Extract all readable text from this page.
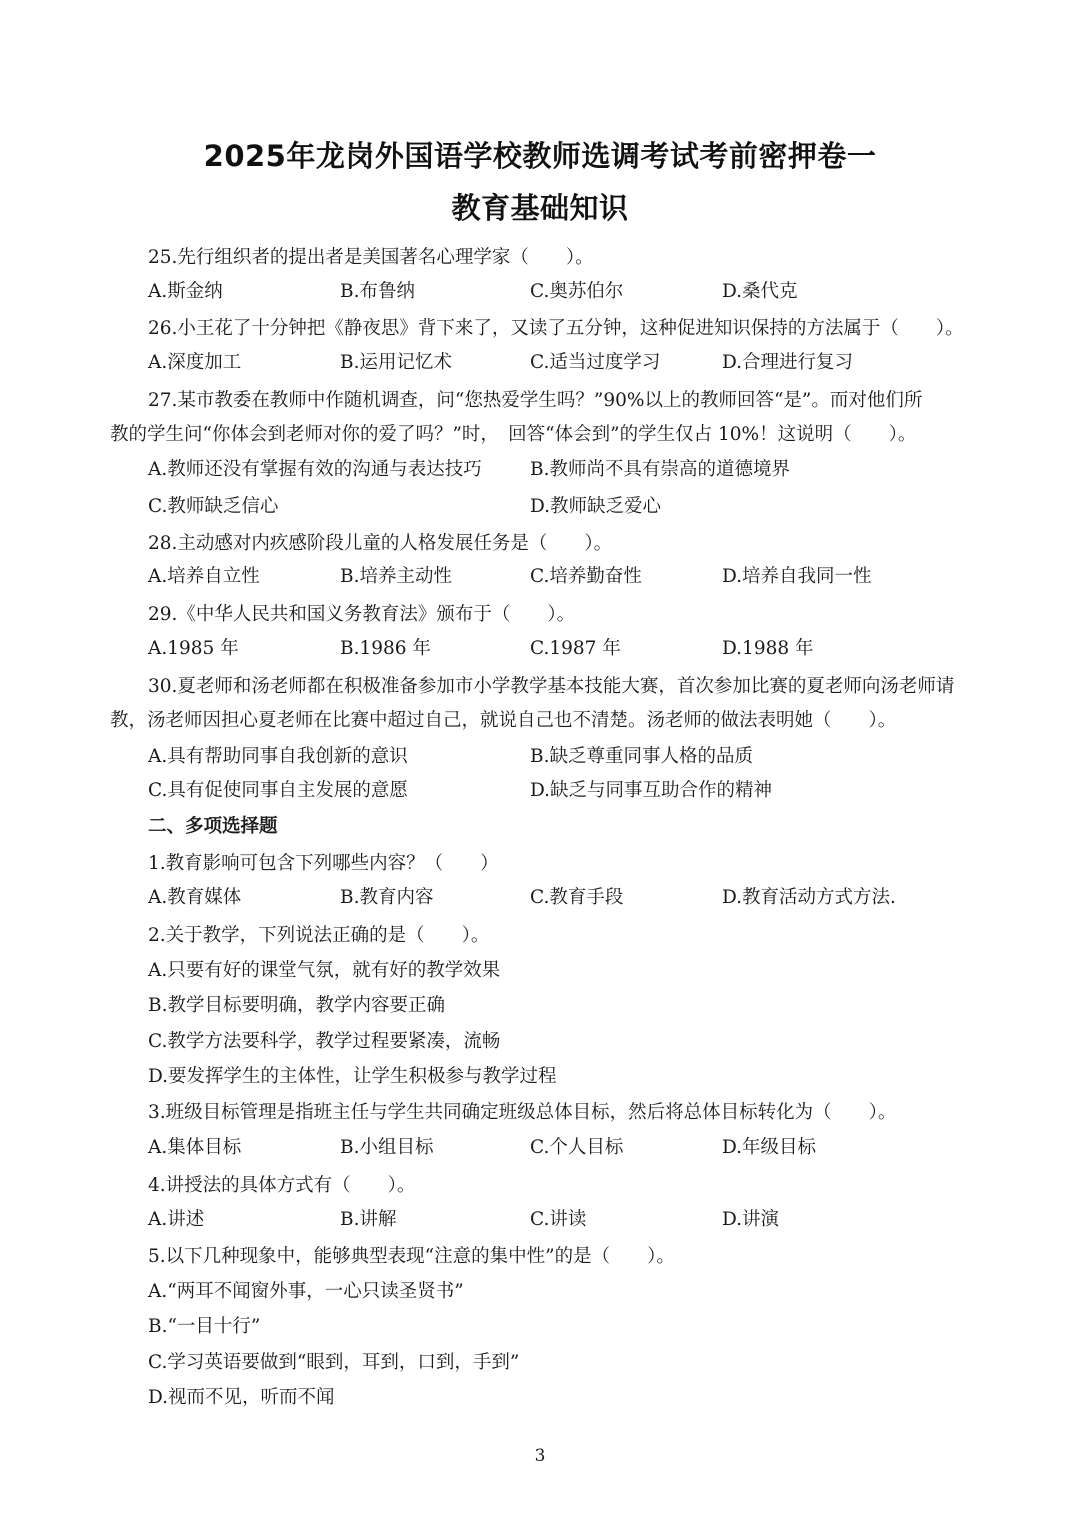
2025年龙岗外国语学校教师选调考试考前密押卷一
教育基础知识
25.先行组织者的提出者是美国著名心理学家（　　）。
A.斯金纳	B.布鲁纳	C.奥苏伯尔	D.桑代克
26.小王花了十分钟把《静夜思》背下来了，又读了五分钟，这种促进知识保持的方法属于（　　）。
A.深度加工	B.运用记忆术	C.适当过度学习	D.合理进行复习
27.某市教委在教师中作随机调查，问“您热爱学生吗？”90%以上的教师回答“是”。而对他们所
教的学生问“你体会到老师对你的爱了吗？”时，　回答“体会到”的学生仅占 10%！这说明（　　）。
A.教师还没有掌握有效的沟通与表达技巧	B.教师尚不具有崇高的道德境界
C.教师缺乏信心	D.教师缺乏爱心
28.主动感对内疚感阶段儿童的人格发展任务是（　　）。
A.培养自立性	B.培养主动性	C.培养勤奋性	D.培养自我同一性
29.《中华人民共和国义务教育法》颁布于（　　）。
A.1985 年	B.1986 年	C.1987 年	D.1988 年
30.夏老师和汤老师都在积极准备参加市小学教学基本技能大赛，首次参加比赛的夏老师向汤老师请
教，汤老师因担心夏老师在比赛中超过自己，就说自己也不清楚。汤老师的做法表明她（　　）。
A.具有帮助同事自我创新的意识	B.缺乏尊重同事人格的品质
C.具有促使同事自主发展的意愿	D.缺乏与同事互助合作的精神
二、多项选择题
1.教育影响可包含下列哪些内容？（　　）
A.教育媒体	B.教育内容	C.教育手段	D.教育活动方式方法.
2.关于教学，下列说法正确的是（　　）。
A.只要有好的课堂气氛，就有好的教学效果
B.教学目标要明确，教学内容要正确
C.教学方法要科学，教学过程要紧凑，流畅
D.要发挥学生的主体性，让学生积极参与教学过程
3.班级目标管理是指班主任与学生共同确定班级总体目标，然后将总体目标转化为（　　）。
A.集体目标	B.小组目标	C.个人目标	D.年级目标
4.讲授法的具体方式有（　　）。
A.讲述	B.讲解	C.讲读	D.讲演
5.以下几种现象中，能够典型表现“注意的集中性”的是（　　）。
A.“两耳不闻窗外事，一心只读圣贤书”
B.“一目十行”
C.学习英语要做到“眼到，耳到，口到，手到”
D.视而不见，听而不闻
3
